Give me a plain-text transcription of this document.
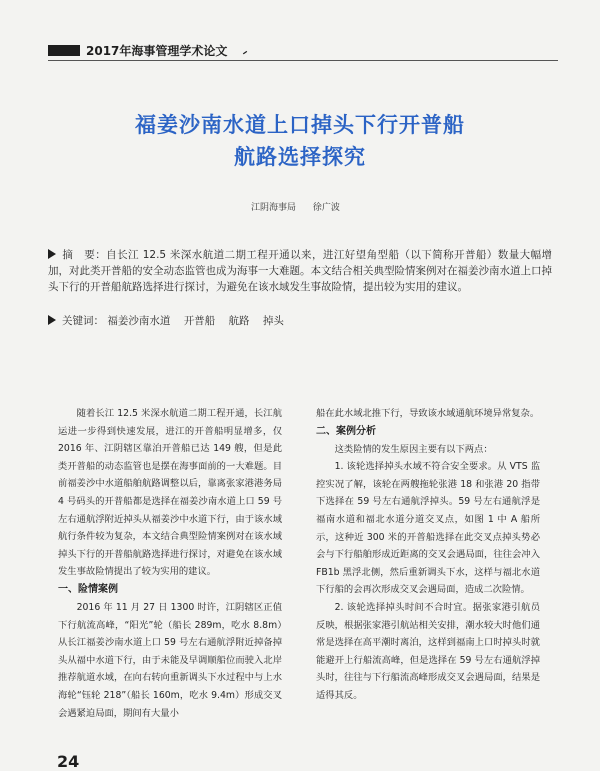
2017年海事管理学术论文 ⹝
福姜沙南水道上口掉头下行开普船
航路选择探究
江阴海事局 徐广波
摘　要：自长江 12.5 米深水航道二期工程开通以来，进江好望角型船（以下简称开普船）数量大幅增加，对此类开普船的安全动态监管也成为海事一大难题。本文结合相关典型险情案例对在福姜沙南水道上口掉头下行的开普船航路选择进行探讨，为避免在该水域发生事故险情，提出较为实用的建议。
关键词： 福姜沙南水道 开普船 航路 掉头

随着长江 12.5 米深水航道二期工程开通，长江航运进一步得到快速发展，进江的开普船明显增多，仅 2016 年、江阴辖区靠泊开普船已达 149 艘，但是此类开普船的动态监管也是摆在海事面前的一大难题。目前福姜沙中水道船舶航路调整以后，靠离张家港港务局 4 号码头的开普船都是选择在福姜沙南水道上口 59 号左右通航浮附近掉头从福姜沙中水道下行，由于该水域航行条件较为复杂，本文结合典型险情案例对在该水域掉头下行的开普船航路选择进行探讨，对避免在该水域发生事故险情提出了较为实用的建议。

一、险情案例

2016 年 11 月 27 日 1300 时许，江阴辖区正值下行航流高峰，“阳光”轮（船长 289m，吃水 8.8m）从长江福姜沙南水道上口 59 号左右通航浮附近掉备掉头从福中水道下行，由于未能及早调顺船位而驶入北岸推荐航道水域，在向右转向重新调头下水过程中与上水海轮“钰轮 218”（船长 160m，吃水 9.4m）形成交叉会遇紧迫局面，期间有大量小

船在此水域北推下行，导致该水域通航环境异常复杂。

二、案例分析

这类险情的发生原因主要有以下两点：

1. 该轮选择掉头水域不符合安全要求。从 VTS 监控实况了解，该轮在两艘拖轮张港 18 和张港 20 指带下选择在 59 号左右通航浮掉头。59 号左右通航浮是福南水道和福北水道分道交叉点，如图 1 中 A 船所示，这种近 300 米的开普船选择在此交叉点掉头势必会与下行船舶形成近距离的交叉会遇局面，往往会冲入 FB1b 黑浮北侧，然后重新调头下水，这样与福北水道下行船的会再次形成交叉会遇局面，造成二次险情。

2. 该轮选择掉头时间不合时宜。据张家港引航员反映，根据张家港引航站相关安排，潮水较大时他们通常是选择在高平潮时离泊，这样到福南上口时掉头时就能避开上行船流高峰，但是选择在 59 号左右通航浮掉头时，往往与下行船流高峰形成交叉会遇局面，结果是适得其反。

24
